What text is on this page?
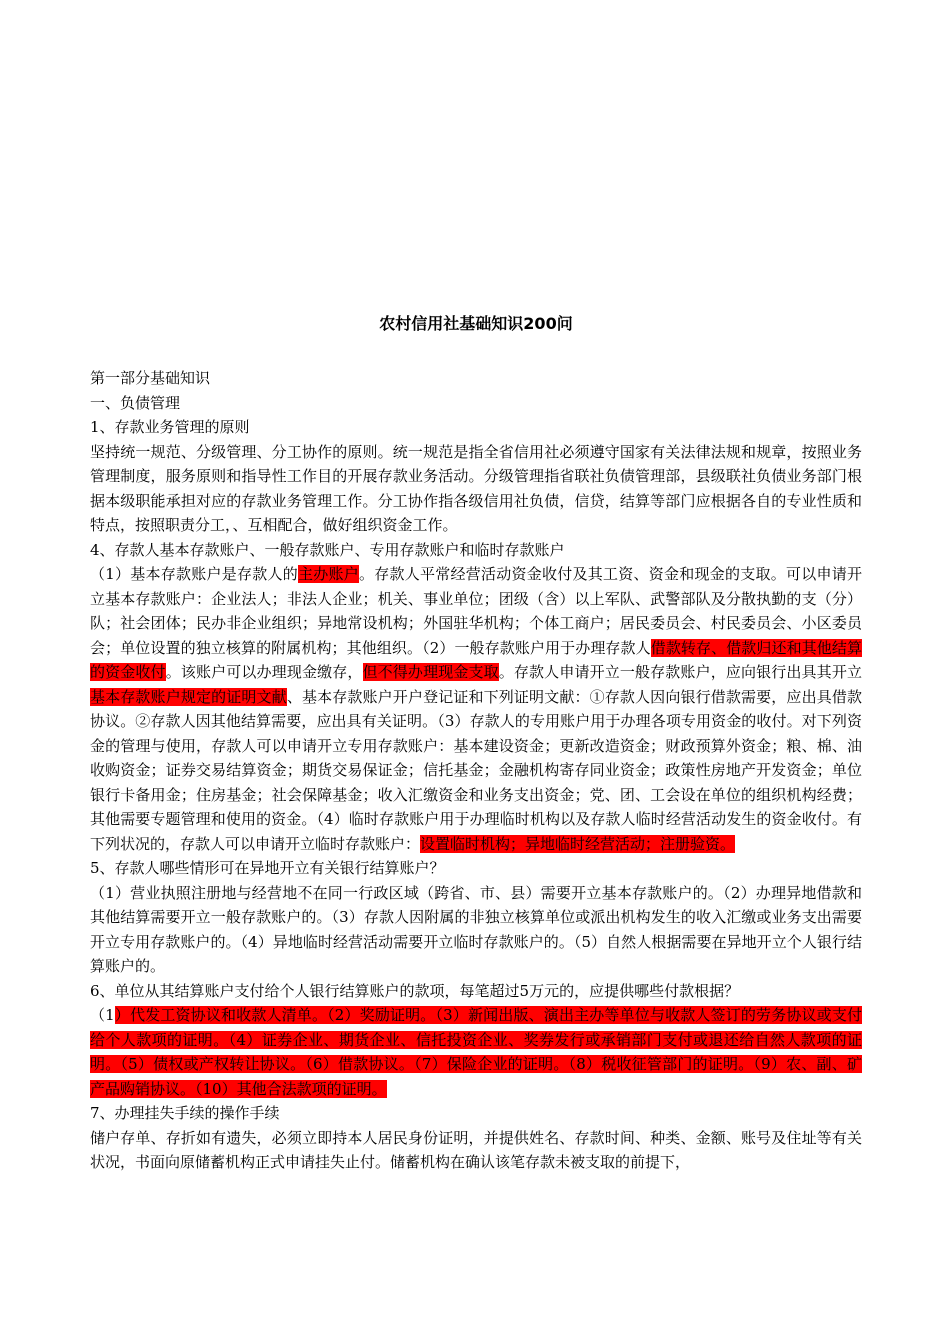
农村信用社基础知识200问

第一部分基础知识

一、负债管理

1、存款业务管理的原则

坚持统一规范、分级管理、分工协作的原则。统一规范是指全省信用社必须遵守国家有关法律法规和规章，按照业务管理制度，服务原则和指导性工作目的开展存款业务活动。分级管理指省联社负债管理部，县级联社负债业务部门根据本级职能承担对应的存款业务管理工作。分工协作指各级信用社负债，信贷，结算等部门应根据各自的专业性质和特点，按照职责分工，、互相配合，做好组织资金工作。

4、存款人基本存款账户、一般存款账户、专用存款账户和临时存款账户

（1）基本存款账户是存款人的主办账户。存款人平常经营活动资金收付及其工资、资金和现金的支取。可以申请开立基本存款账户：企业法人；非法人企业；机关、事业单位；团级（含）以上军队、武警部队及分散执勤的支（分）队；社会团体；民办非企业组织；异地常设机构；外国驻华机构；个体工商户；居民委员会、村民委员会、小区委员会；单位设置的独立核算的附属机构；其他组织。（2）一般存款账户用于办理存款人借款转存、借款归还和其他结算的资金收付。该账户可以办理现金缴存，但不得办理现金支取。存款人申请开立一般存款账户，应向银行出具其开立基本存款账户规定的证明文献、基本存款账户开户登记证和下列证明文献：①存款人因向银行借款需要，应出具借款协议。②存款人因其他结算需要，应出具有关证明。（3）存款人的专用账户用于办理各项专用资金的收付。对下列资金的管理与使用，存款人可以申请开立专用存款账户：基本建设资金；更新改造资金；财政预算外资金；粮、棉、油收购资金；证券交易结算资金；期货交易保证金；信托基金；金融机构寄存同业资金；政策性房地产开发资金；单位银行卡备用金；住房基金；社会保障基金；收入汇缴资金和业务支出资金；党、团、工会设在单位的组织机构经费；其他需要专题管理和使用的资金。（4）临时存款账户用于办理临时机构以及存款人临时经营活动发生的资金收付。有下列状况的，存款人可以申请开立临时存款账户：设置临时机构；异地临时经营活动；注册验资。

5、存款人哪些情形可在异地开立有关银行结算账户？

（1）营业执照注册地与经营地不在同一行政区域（跨省、市、县）需要开立基本存款账户的。（2）办理异地借款和其他结算需要开立一般存款账户的。（3）存款人因附属的非独立核算单位或派出机构发生的收入汇缴或业务支出需要开立专用存款账户的。（4）异地临时经营活动需要开立临时存款账户的。（5）自然人根据需要在异地开立个人银行结算账户的。

6、单位从其结算账户支付给个人银行结算账户的款项，每笔超过5万元的，应提供哪些付款根据？

（1）代发工资协议和收款人清单。（2）奖励证明。（3）新闻出版、演出主办等单位与收款人签订的劳务协议或支付给个人款项的证明。（4）证券企业、期货企业、信托投资企业、奖券发行或承销部门支付或退还给自然人款项的证明。（5）债权或产权转让协议。（6）借款协议。（7）保险企业的证明。（8）税收征管部门的证明。（9）农、副、矿产品购销协议。（10）其他合法款项的证明。

7、办理挂失手续的操作手续

储户存单、存折如有遗失，必须立即持本人居民身份证明，并提供姓名、存款时间、种类、金额、账号及住址等有关状况，书面向原储蓄机构正式申请挂失止付。储蓄机构在确认该笔存款未被支取的前提下，
